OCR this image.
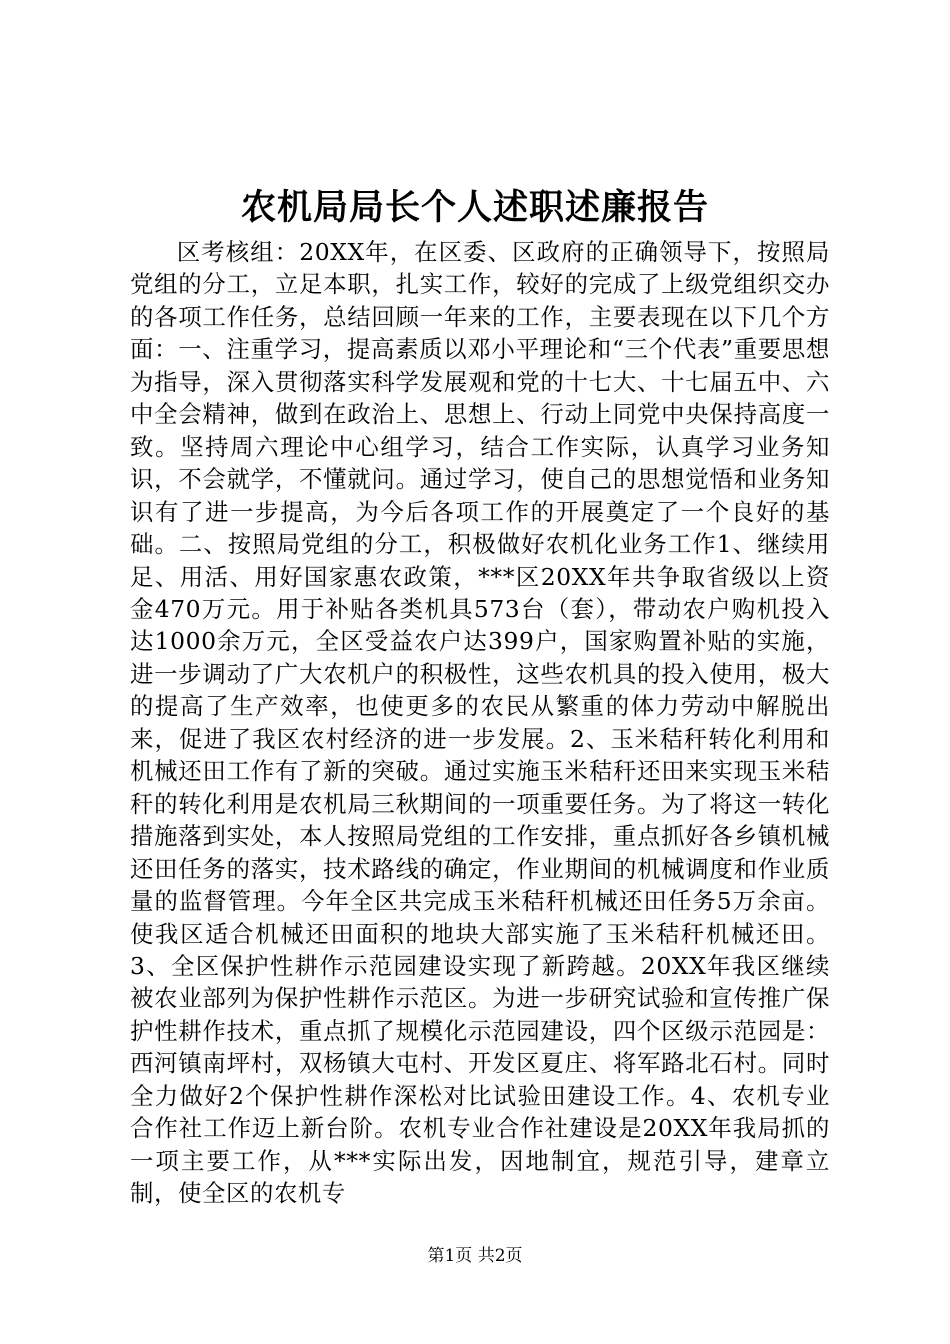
农机局局长个人述职述廉报告

区考核组：20XX年，在区委、区政府的正确领导下，按照局党组的分工，立足本职，扎实工作，较好的完成了上级党组织交办的各项工作任务，总结回顾一年来的工作，主要表现在以下几个方面：一、注重学习，提高素质以邓小平理论和“三个代表”重要思想为指导，深入贯彻落实科学发展观和党的十七大、十七届五中、六中全会精神，做到在政治上、思想上、行动上同党中央保持高度一致。坚持周六理论中心组学习，结合工作实际，认真学习业务知识，不会就学，不懂就问。通过学习，使自己的思想觉悟和业务知识有了进一步提高，为今后各项工作的开展奠定了一个良好的基础。二、按照局党组的分工，积极做好农机化业务工作1、继续用足、用活、用好国家惠农政策，***区20XX年共争取省级以上资金470万元。用于补贴各类机具573台（套），带动农户购机投入达1000余万元，全区受益农户达399户，国家购置补贴的实施，进一步调动了广大农机户的积极性，这些农机具的投入使用，极大的提高了生产效率，也使更多的农民从繁重的体力劳动中解脱出来，促进了我区农村经济的进一步发展。2、玉米秸秆转化利用和机械还田工作有了新的突破。通过实施玉米秸秆还田来实现玉米秸秆的转化利用是农机局三秋期间的一项重要任务。为了将这一转化措施落到实处，本人按照局党组的工作安排，重点抓好各乡镇机械还田任务的落实，技术路线的确定，作业期间的机械调度和作业质量的监督管理。今年全区共完成玉米秸秆机械还田任务5万余亩。使我区适合机械还田面积的地块大部实施了玉米秸秆机械还田。3、全区保护性耕作示范园建设实现了新跨越。20XX年我区继续被农业部列为保护性耕作示范区。为进一步研究试验和宣传推广保护性耕作技术，重点抓了规模化示范园建设，四个区级示范园是：西河镇南坪村，双杨镇大屯村、开发区夏庄、将军路北石村。同时全力做好2个保护性耕作深松对比试验田建设工作。4、农机专业合作社工作迈上新台阶。农机专业合作社建设是20XX年我局抓的一项主要工作，从***实际出发，因地制宜，规范引导，建章立制，使全区的农机专

第1页 共2页
